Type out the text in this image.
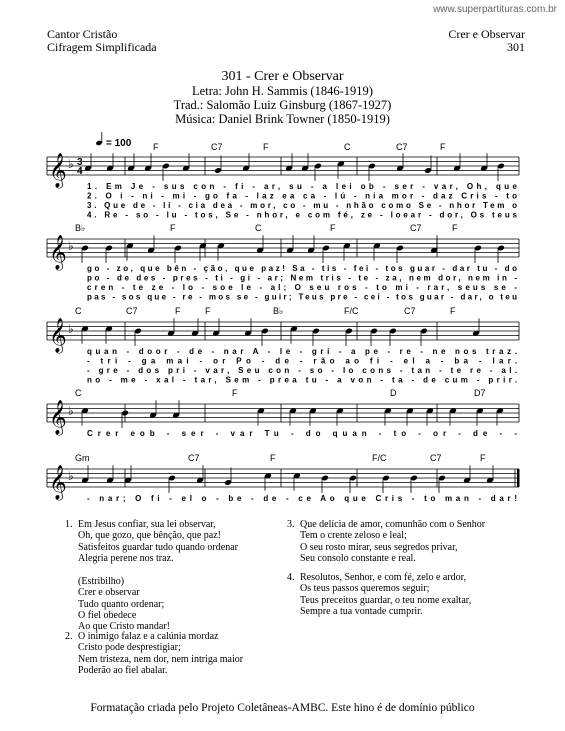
www.superpartituras.com.br
Cantor Cristão
Cifragem Simplificada
Crer e Observar
301
301 - Crer e Observar
Letra: John H. Sammis (1846-1919)
Trad.: Salomão Luiz Ginsburg (1867-1927)
Música: Daniel Brink Towner (1850-1919)
𝄞 ♭
F	C7	F	C	C7	F
1. Em Je - sus con - fi - ar, su - a lei ob - ser - var, Oh, que
2. O i - ni - mi - go fa - laz ea ca - lú - nia mor - daz Cris - to
3. Que de - lí - cia dea - mor, co - mu - nhão como Se - nhor Tem o
4. Re - so - lu - tos, Se - nhor, e com fé, ze - loear - dor, Os teus
𝄞 ♭
B♭	F	C	F	C7	F
go - zo, que bên - ção, que paz! Sa - tis - fei - tos guar - dar tu - do
po - de des - pres - ti - gi - ar; Nem tris - te - za, nem dor, nem in -
cren - te ze - lo - soe le - al; O seu ros - to mi - rar, seus se -
pas - sos que - re - mos se - guir; Teus pre - cei - tos guar - dar, o teu
𝄞 ♭
C	C7	F	F	B♭	F/C	C7	F
quan - door - de - nar A - le - gri - a pe - re - ne nos traz.
- tri - ga mai - or Po - de - rão ao fi - el a - ba - lar.
- gre - dos pri - var, Seu con - so - lo cons - tan - te re - al.
no - me - xal - tar, Sem - prea tu - a von - ta - de cum - prir.
𝄞 ♭
C	F	D	D7
Crer eob - ser - var Tu - do quan - to - or - de - -
𝄞 ♭
Gm	C7	F	F/C	C7	F
- nar; O fi - el o - be - de - ce Ao que Cris - to man - dar!
3
4
= 100
1. Em Jesus confiar, sua lei observar,
Oh, que gozo, que bênção, que paz!
Satisfeitos guardar tudo quando ordenar
Alegria perene nos traz.
(Estribilho)
Crer e observar
Tudo quanto ordenar;
O fiel obedece
Ao que Cristo mandar!
2. O inimigo falaz e a calúnia mordaz
Cristo pode desprestigiar;
Nem tristeza, nem dor, nem intriga maior
Poderão ao fiel abalar.
3. Que delícia de amor, comunhão com o Senhor
Tem o crente zeloso e leal;
O seu rosto mirar, seus segredos privar,
Seu consolo constante e real.
4. Resolutos, Senhor, e com fé, zelo e ardor,
Os teus passos queremos seguir;
Teus preceitos guardar, o teu nome exaltar,
Sempre a tua vontade cumprir.
Formatação criada pelo Projeto Coletâneas-AMBC. Este hino é de domínio público
